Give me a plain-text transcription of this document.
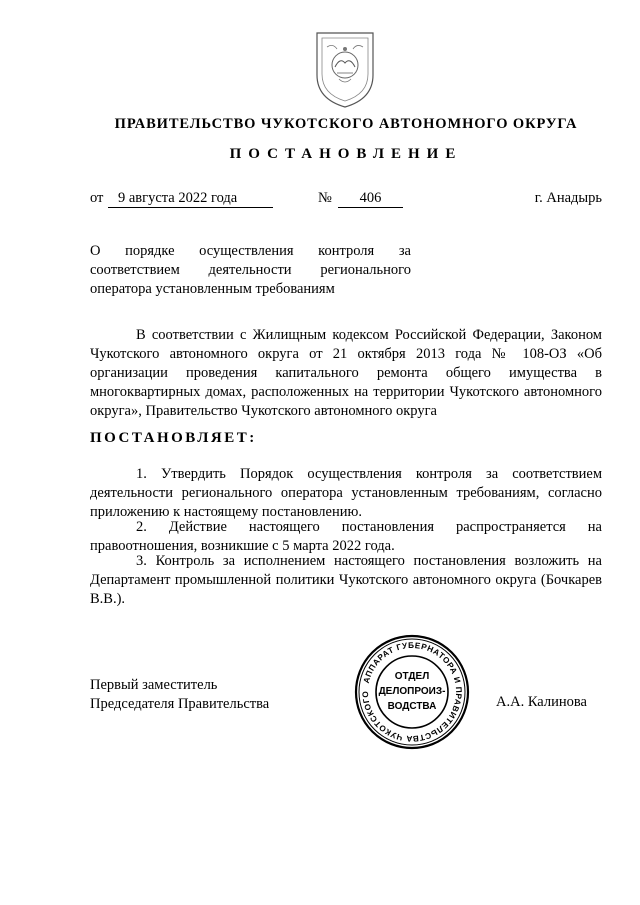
ПРАВИТЕЛЬСТВО ЧУКОТСКОГО АВТОНОМНОГО ОКРУГА
ПОСТАНОВЛЕНИЕ
от	9 августа 2022 года	№	406	г. Анадырь
О порядке осуществления контроля за соответствием деятельности регионального оператора установленным требованиям
В соответствии с Жилищным кодексом Российской Федерации, Законом Чукотского автономного округа от 21 октября 2013 года № 108-ОЗ «Об организации проведения капитального ремонта общего имущества в многоквартирных домах, расположенных на территории Чукотского автономного округа», Правительство Чукотского автономного округа
ПОСТАНОВЛЯЕТ:
1. Утвердить Порядок осуществления контроля за соответствием деятельности регионального оператора установленным требованиям, согласно приложению к настоящему постановлению.
2. Действие настоящего постановления распространяется на правоотношения, возникшие с 5 марта 2022 года.
3. Контроль за исполнением настоящего постановления возложить на Департамент промышленной политики Чукотского автономного округа (Бочкарев В.В.).
Первый заместитель
Председателя Правительства	А.А. Калинова
АППАРАТ ГУБЕРНАТОРА И ПРАВИТЕЛЬСТВА ЧУКОТСКОГО
ОТДЕЛ
ДЕЛОПРОИЗ-
ВОДСТВА
